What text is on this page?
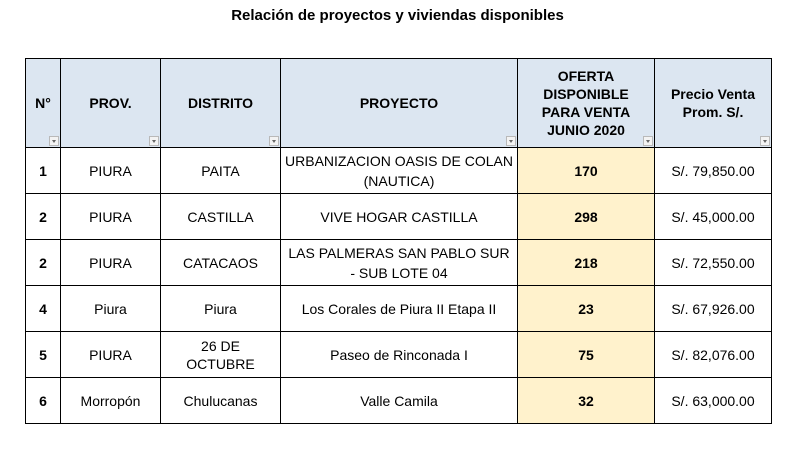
Relación de proyectos y viviendas disponibles
N°	PROV.	DISTRITO	PROYECTO	OFERTA DISPONIBLE PARA VENTA JUNIO 2020	Precio Venta Prom. S/.

1	PIURA	PAITA	URBANIZACION OASIS DE COLAN (NAUTICA)	170	S/. 79,850.00
2	PIURA	CASTILLA	VIVE HOGAR CASTILLA	298	S/. 45,000.00
2	PIURA	CATACAOS	LAS PALMERAS SAN PABLO SUR - SUB LOTE 04	218	S/. 72,550.00
4	Piura	Piura	Los Corales de Piura II Etapa II	23	S/. 67,926.00
5	PIURA	26 DE OCTUBRE	Paseo de Rinconada I	75	S/. 82,076.00
6	Morropón	Chulucanas	Valle Camila	32	S/. 63,000.00
